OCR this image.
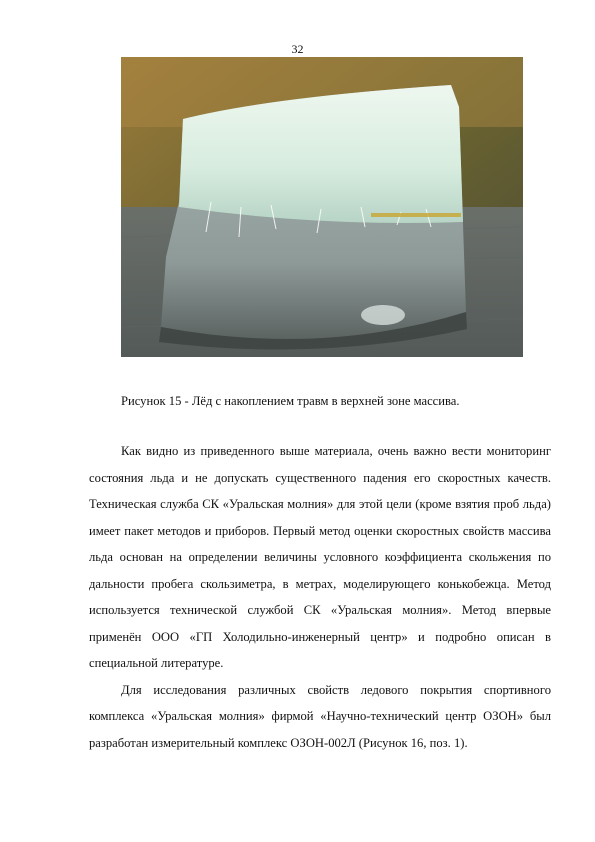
32
Рисунок 15 - Лёд с накоплением травм в верхней зоне массива.

Как видно из приведенного выше материала, очень важно вести мониторинг состояния льда и не допускать существенного падения его скоростных качеств. Техническая служба СК «Уральская молния» для этой цели (кроме взятия проб льда) имеет пакет методов и приборов. Первый метод оценки скоростных свойств массива льда основан на определении величины условного коэффициента скольжения по дальности пробега скользиметра, в метрах, моделирующего конькобежца. Метод используется технической службой СК «Уральская молния». Метод впервые применён ООО «ГП Холодильно-инженерный центр» и подробно описан в специальной литературе.

Для исследования различных свойств ледового покрытия спортивного комплекса «Уральская молния» фирмой «Научно-технический центр ОЗОН» был разработан измерительный комплекс ОЗОН-002Л (Рисунок 16, поз. 1).
